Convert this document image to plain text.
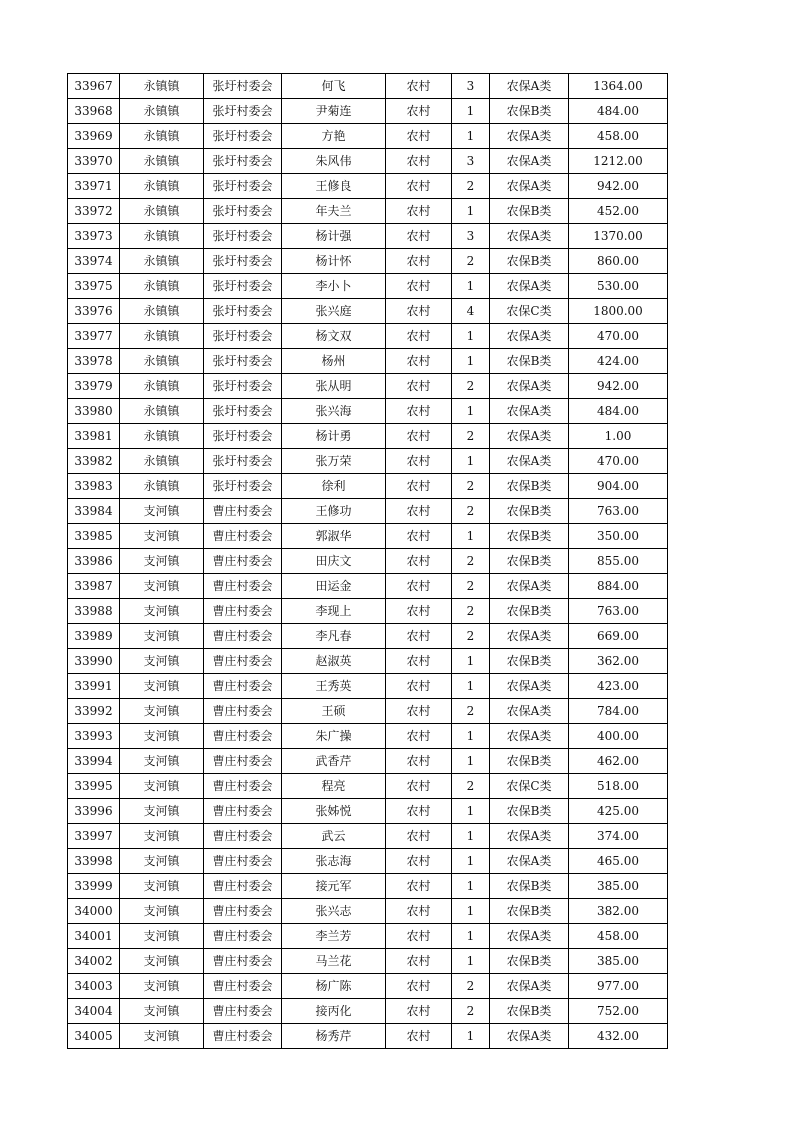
33967	永镇镇	张圩村委会	何飞	农村	3	农保A类	1364.00
33968	永镇镇	张圩村委会	尹菊连	农村	1	农保B类	484.00
33969	永镇镇	张圩村委会	方艳	农村	1	农保A类	458.00
33970	永镇镇	张圩村委会	朱风伟	农村	3	农保A类	1212.00
33971	永镇镇	张圩村委会	王修良	农村	2	农保A类	942.00
33972	永镇镇	张圩村委会	年夫兰	农村	1	农保B类	452.00
33973	永镇镇	张圩村委会	杨计强	农村	3	农保A类	1370.00
33974	永镇镇	张圩村委会	杨计怀	农村	2	农保B类	860.00
33975	永镇镇	张圩村委会	李小卜	农村	1	农保A类	530.00
33976	永镇镇	张圩村委会	张兴庭	农村	4	农保C类	1800.00
33977	永镇镇	张圩村委会	杨文双	农村	1	农保A类	470.00
33978	永镇镇	张圩村委会	杨州	农村	1	农保B类	424.00
33979	永镇镇	张圩村委会	张从明	农村	2	农保A类	942.00
33980	永镇镇	张圩村委会	张兴海	农村	1	农保A类	484.00
33981	永镇镇	张圩村委会	杨计勇	农村	2	农保A类	1.00
33982	永镇镇	张圩村委会	张万荣	农村	1	农保A类	470.00
33983	永镇镇	张圩村委会	徐利	农村	2	农保B类	904.00
33984	支河镇	曹庄村委会	王修功	农村	2	农保B类	763.00
33985	支河镇	曹庄村委会	郭淑华	农村	1	农保B类	350.00
33986	支河镇	曹庄村委会	田庆文	农村	2	农保B类	855.00
33987	支河镇	曹庄村委会	田运金	农村	2	农保A类	884.00
33988	支河镇	曹庄村委会	李现上	农村	2	农保B类	763.00
33989	支河镇	曹庄村委会	李凡春	农村	2	农保A类	669.00
33990	支河镇	曹庄村委会	赵淑英	农村	1	农保B类	362.00
33991	支河镇	曹庄村委会	王秀英	农村	1	农保A类	423.00
33992	支河镇	曹庄村委会	王硕	农村	2	农保A类	784.00
33993	支河镇	曹庄村委会	朱广操	农村	1	农保A类	400.00
33994	支河镇	曹庄村委会	武香芹	农村	1	农保B类	462.00
33995	支河镇	曹庄村委会	程亮	农村	2	农保C类	518.00
33996	支河镇	曹庄村委会	张姊悦	农村	1	农保B类	425.00
33997	支河镇	曹庄村委会	武云	农村	1	农保A类	374.00
33998	支河镇	曹庄村委会	张志海	农村	1	农保A类	465.00
33999	支河镇	曹庄村委会	接元军	农村	1	农保B类	385.00
34000	支河镇	曹庄村委会	张兴志	农村	1	农保B类	382.00
34001	支河镇	曹庄村委会	李兰芳	农村	1	农保A类	458.00
34002	支河镇	曹庄村委会	马兰花	农村	1	农保B类	385.00
34003	支河镇	曹庄村委会	杨广陈	农村	2	农保A类	977.00
34004	支河镇	曹庄村委会	接丙化	农村	2	农保B类	752.00
34005	支河镇	曹庄村委会	杨秀芹	农村	1	农保A类	432.00
